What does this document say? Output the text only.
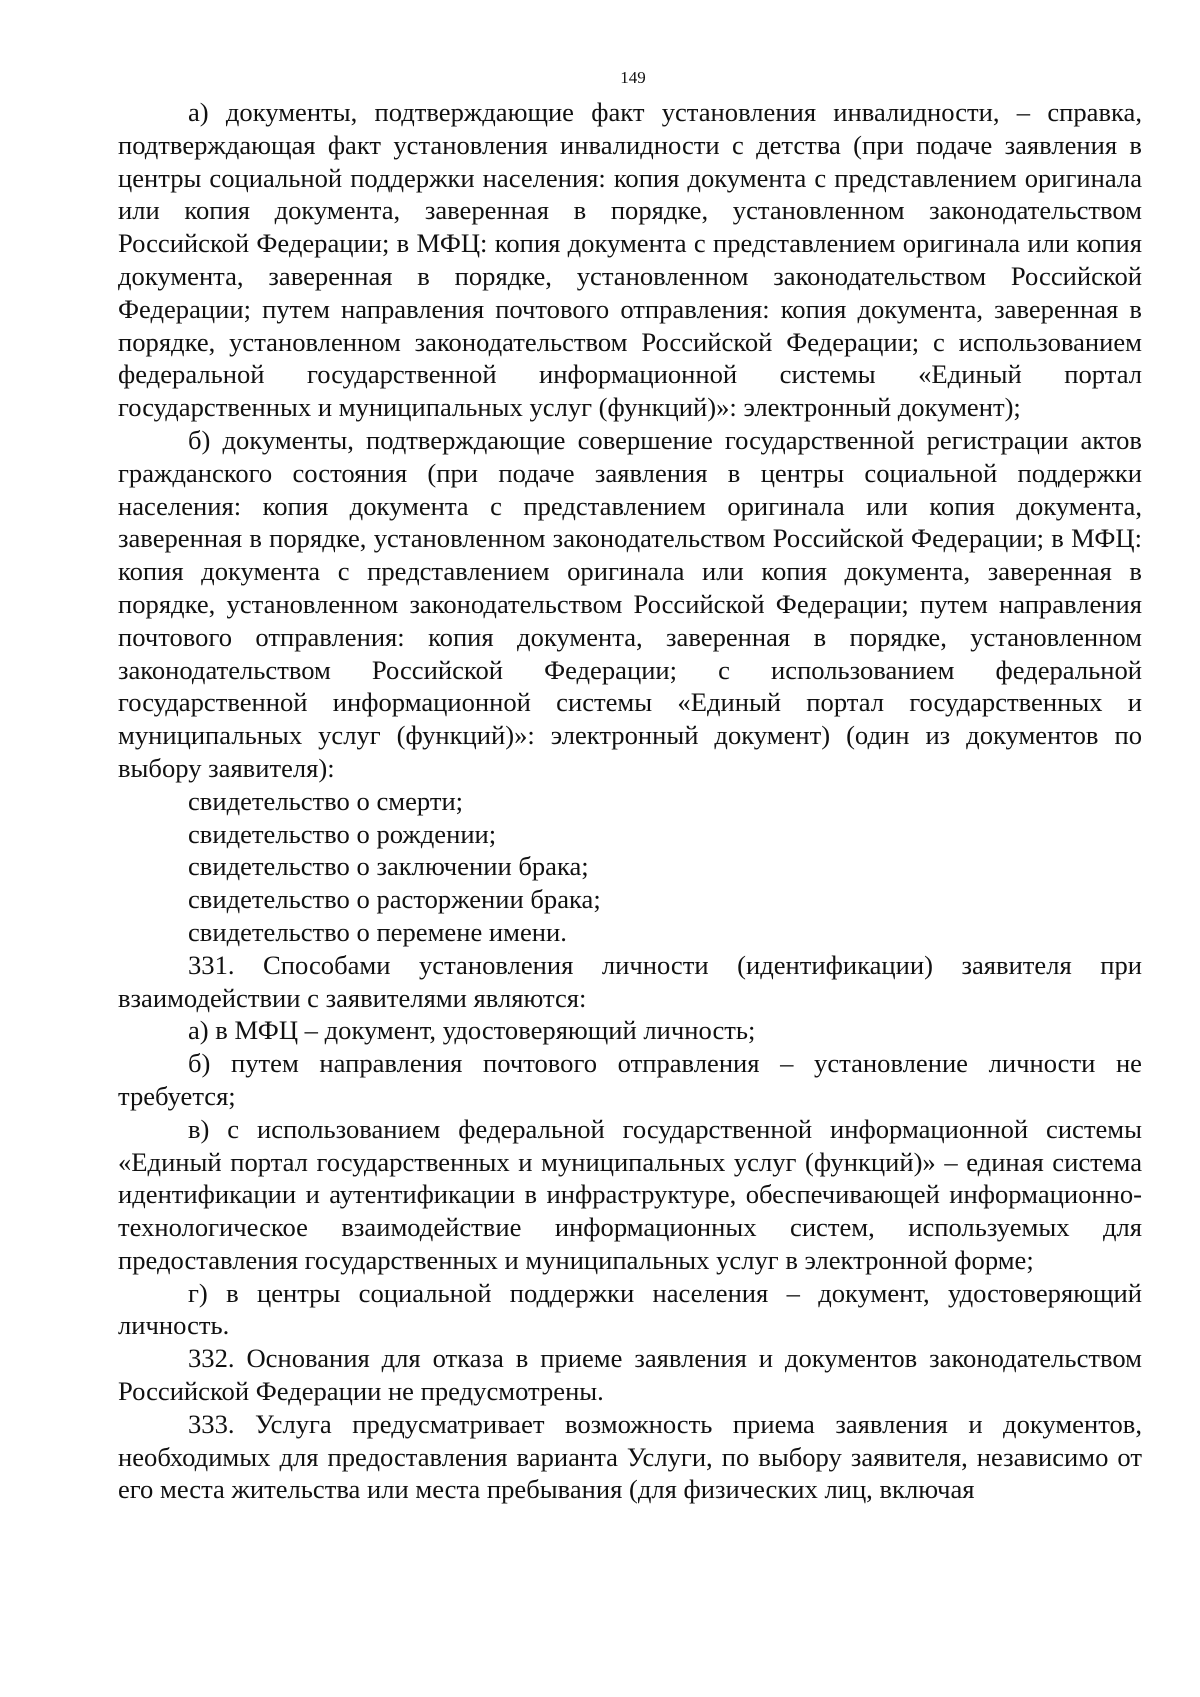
149

а) документы, подтверждающие факт установления инвалидности, – справка, подтверждающая факт установления инвалидности с детства (при подаче заявления в центры социальной поддержки населения: копия документа с представлением оригинала или копия документа, заверенная в порядке, установленном законодательством Российской Федерации; в МФЦ: копия документа с представлением оригинала или копия документа, заверенная в порядке, установленном законодательством Российской Федерации; путем направления почтового отправления: копия документа, заверенная в порядке, установленном законодательством Российской Федерации; с использованием федеральной государственной информационной системы «Единый портал государственных и муниципальных услуг (функций)»: электронный документ);

б) документы, подтверждающие совершение государственной регистрации актов гражданского состояния (при подаче заявления в центры социальной поддержки населения: копия документа с представлением оригинала или копия документа, заверенная в порядке, установленном законодательством Российской Федерации; в МФЦ: копия документа с представлением оригинала или копия документа, заверенная в порядке, установленном законодательством Российской Федерации; путем направления почтового отправления: копия документа, заверенная в порядке, установленном законодательством Российской Федерации; с использованием федеральной государственной информационной системы «Единый портал государственных и муниципальных услуг (функций)»: электронный документ) (один из документов по выбору заявителя):

свидетельство о смерти;

свидетельство о рождении;

свидетельство о заключении брака;

свидетельство о расторжении брака;

свидетельство о перемене имени.

331. Способами установления личности (идентификации) заявителя при взаимодействии с заявителями являются:

а) в МФЦ – документ, удостоверяющий личность;

б) путем направления почтового отправления – установление личности не требуется;

в) с использованием федеральной государственной информационной системы «Единый портал государственных и муниципальных услуг (функций)» – единая система идентификации и аутентификации в инфраструктуре, обеспечивающей информационно-технологическое взаимодействие информационных систем, используемых для предоставления государственных и муниципальных услуг в электронной форме;

г) в центры социальной поддержки населения – документ, удостоверяющий личность.

332. Основания для отказа в приеме заявления и документов законодательством Российской Федерации не предусмотрены.

333. Услуга предусматривает возможность приема заявления и документов, необходимых для предоставления варианта Услуги, по выбору заявителя, независимо от его места жительства или места пребывания (для физических лиц, включая
